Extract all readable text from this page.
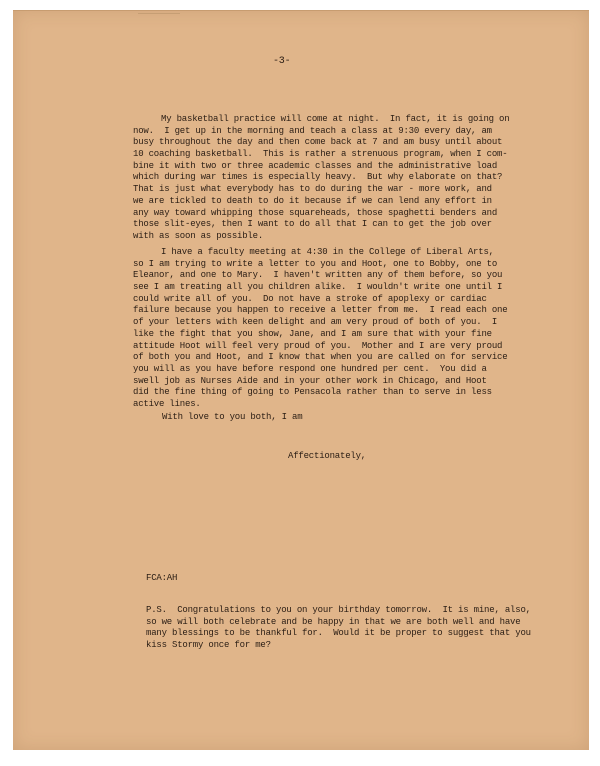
-3-
My basketball practice will come at night.  In fact, it is going on
now.  I get up in the morning and teach a class at 9:30 every day, am
busy throughout the day and then come back at 7 and am busy until about
10 coaching basketball.  This is rather a strenuous program, when I com-
bine it with two or three academic classes and the administrative load
which during war times is especially heavy.  But why elaborate on that?
That is just what everybody has to do during the war - more work, and
we are tickled to death to do it because if we can lend any effort in
any way toward whipping those squareheads, those spaghetti benders and
those slit-eyes, then I want to do all that I can to get the job over
with as soon as possible.
I have a faculty meeting at 4:30 in the College of Liberal Arts,
so I am trying to write a letter to you and Hoot, one to Bobby, one to
Eleanor, and one to Mary.  I haven't written any of them before, so you
see I am treating all you children alike.  I wouldn't write one until I
could write all of you.  Do not have a stroke of apoplexy or cardiac
failure because you happen to receive a letter from me.  I read each one
of your letters with keen delight and am very proud of both of you.  I
like the fight that you show, Jane, and I am sure that with your fine
attitude Hoot will feel very proud of you.  Mother and I are very proud
of both you and Hoot, and I know that when you are called on for service
you will as you have before respond one hundred per cent.  You did a
swell job as Nurses Aide and in your other work in Chicago, and Hoot
did the fine thing of going to Pensacola rather than to serve in less
active lines.
With love to you both, I am
Affectionately,
FCA:AH
P.S.  Congratulations to you on your birthday tomorrow.  It is mine, also,
so we will both celebrate and be happy in that we are both well and have
many blessings to be thankful for.  Would it be proper to suggest that you
kiss Stormy once for me?
